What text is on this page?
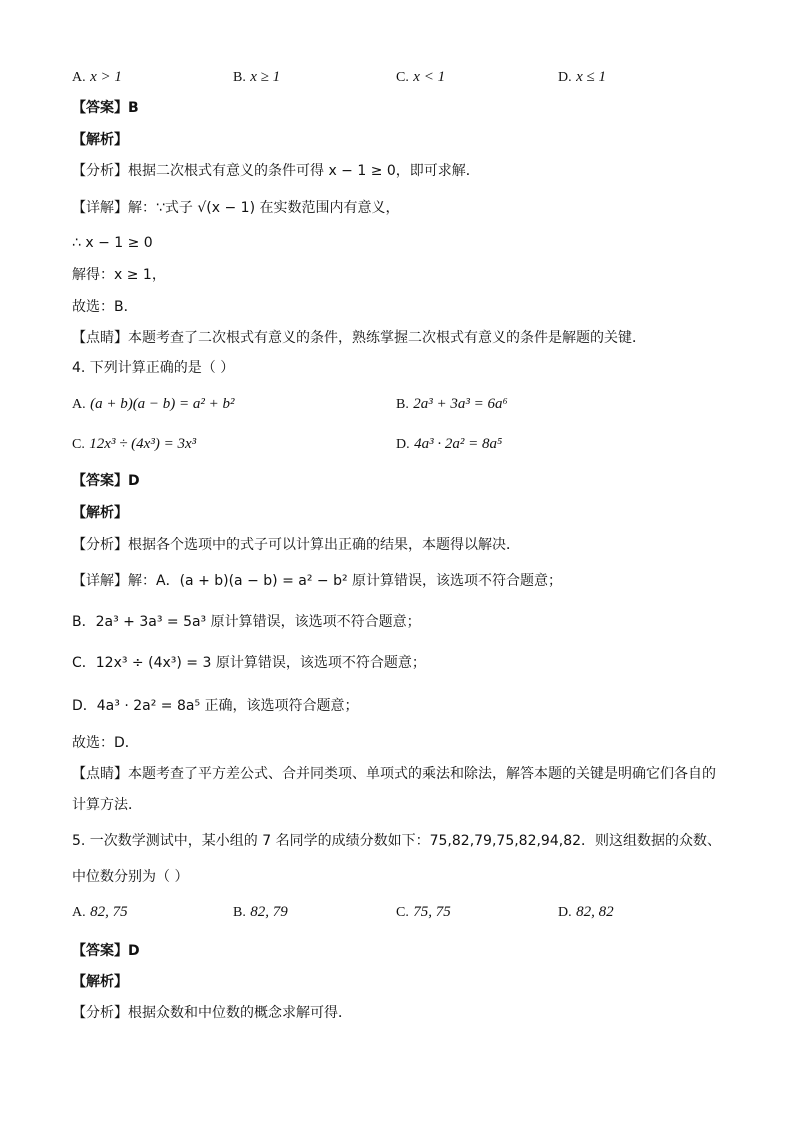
A. x > 1	B. x ≥ 1	C. x < 1	D. x ≤ 1
【答案】B
【解析】
【分析】根据二次根式有意义的条件可得 x − 1 ≥ 0，即可求解．
【详解】解：∵式子 √(x − 1) 在实数范围内有意义，
∴ x − 1 ≥ 0
解得：x ≥ 1，
故选：B．
【点睛】本题考查了二次根式有意义的条件，熟练掌握二次根式有意义的条件是解题的关键．
4. 下列计算正确的是（ ）
A. (a + b)(a − b) = a² + b²	B. 2a³ + 3a³ = 6a⁶
C. 12x³ ÷ (4x³) = 3x³	D. 4a³ · 2a² = 8a⁵
【答案】D
【解析】
【分析】根据各个选项中的式子可以计算出正确的结果，本题得以解决．
【详解】解：A．(a + b)(a − b) = a² − b² 原计算错误，该选项不符合题意；
B．2a³ + 3a³ = 5a³ 原计算错误，该选项不符合题意；
C．12x³ ÷ (4x³) = 3 原计算错误，该选项不符合题意；
D．4a³ · 2a² = 8a⁵ 正确，该选项符合题意；
故选：D．
【点睛】本题考查了平方差公式、合并同类项、单项式的乘法和除法，解答本题的关键是明确它们各自的
计算方法．
5. 一次数学测试中，某小组的 7 名同学的成绩分数如下：75,82,79,75,82,94,82．则这组数据的众数、
中位数分别为（ ）
A. 82, 75	B. 82, 79	C. 75, 75	D. 82, 82
【答案】D
【解析】
【分析】根据众数和中位数的概念求解可得．
